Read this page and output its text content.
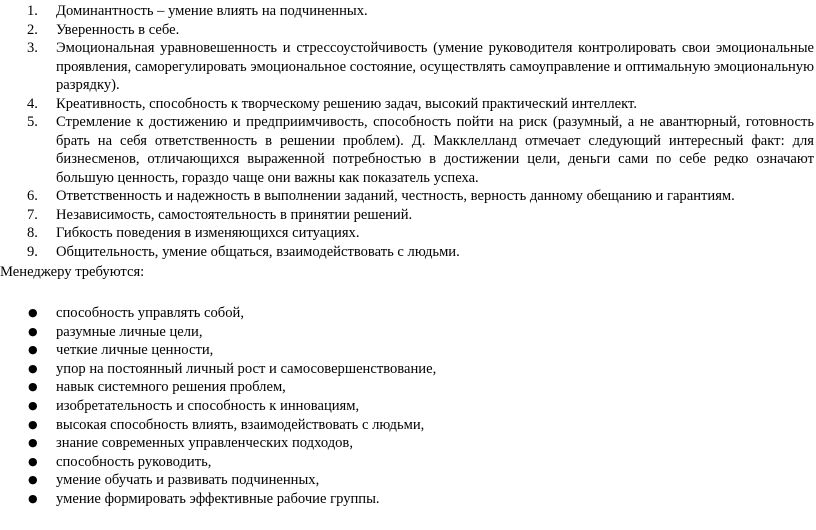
1. Доминантность – умение влиять на подчиненных.
2. Уверенность в себе.
3. Эмоциональная уравновешенность и стрессоустойчивость (умение руководителя контролировать свои эмоциональные проявления, саморегулировать эмоциональное состояние, осуществлять самоуправление и оптимальную эмоциональную разрядку).
4. Креативность, способность к творческому решению задач, высокий практический интеллект.
5. Стремление к достижению и предприимчивость, способность пойти на риск (разумный, а не авантюрный, готовность брать на себя ответственность в решении проблем). Д. Макклелланд отмечает следующий интересный факт: для бизнесменов, отличающихся выраженной потребностью в достижении цели, деньги сами по себе редко означают большую ценность, гораздо чаще они важны как показатель успеха.
6. Ответственность и надежность в выполнении заданий, честность, верность данному обещанию и гарантиям.
7. Независимость, самостоятельность в принятии решений.
8. Гибкость поведения в изменяющихся ситуациях.
9. Общительность, умение общаться, взаимодействовать с людьми.
Менеджеру требуются:
● способность управлять собой,
● разумные личные цели,
● четкие личные ценности,
● упор на постоянный личный рост и самосовершенствование,
● навык системного решения проблем,
● изобретательность и способность к инновациям,
● высокая способность влиять, взаимодействовать с людьми,
● знание современных управленческих подходов,
● способность руководить,
● умение обучать и развивать подчиненных,
● умение формировать эффективные рабочие группы.
